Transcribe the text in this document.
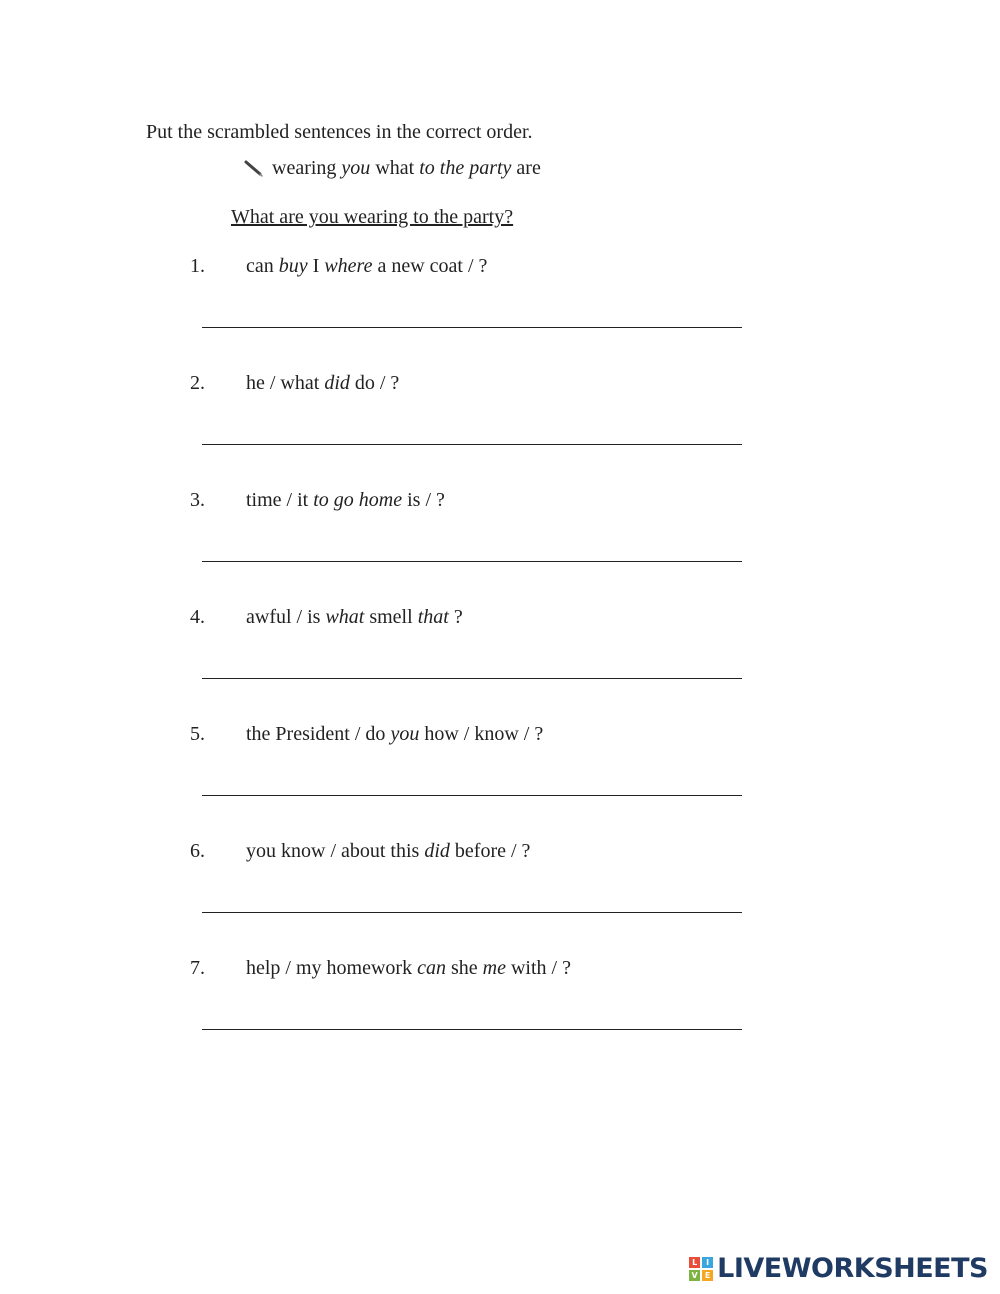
Put the scrambled sentences in the correct order.
wearing you what to the party are
What are you wearing to the party?
1. can buy I where a new coat / ?
2. he / what did do / ?
3. time / it to go home is / ?
4. awful / is what smell that ?
5. the President / do you how / know / ?
6. you know / about this did before / ?
7. help / my homework can she me with / ?
L	I
V E LIVEWORKSHEETS
